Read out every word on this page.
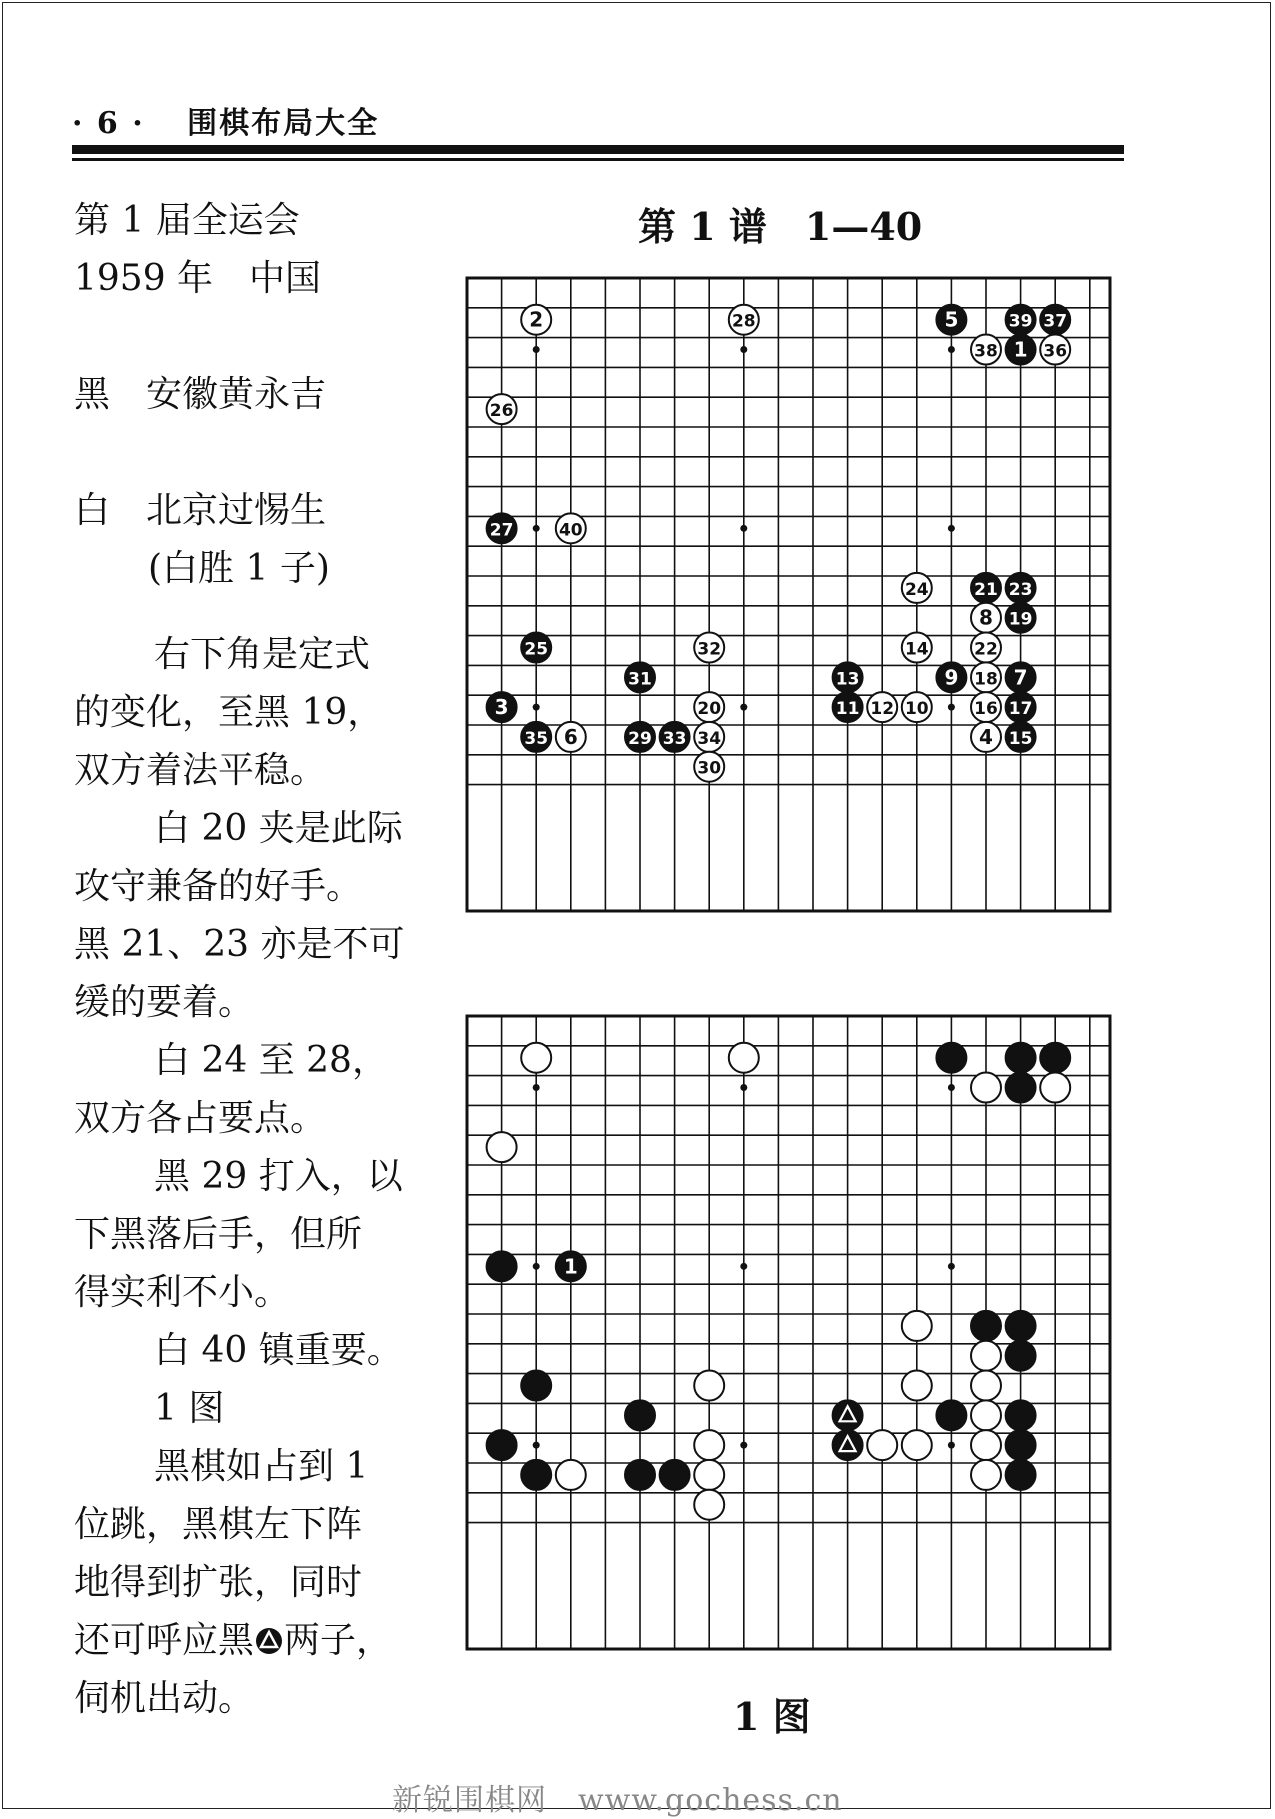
· 6 · 围棋布局大全
第 1 届全运会
1959 年　中国
黑　安徽黄永吉
白　北京过惕生
(白胜 1 子)
右下角是定式
的变化，至黑 19，
双方着法平稳。
白 20 夹是此际
攻守兼备的好手。
黑 21、23 亦是不可
缓的要着。
白 24 至 28，
双方各占要点。
黑 29 打入，以
下黑落后手，但所
得实利不小。
白 40 镇重要。
1 图
黑棋如占到 1
位跳，黑棋左下阵
地得到扩张，同时
还可呼应黑 两子，
伺机出动。
第 1 谱　1—40
1 图
2	28	5	39 37
38 1 36
26
27	40
24	21 23
8 19
25	32	14	22
31	13	9 18 7
3	20	11 12 10	16 17
35 6	29 33 34	4 15
30
1
新锐围棋网　www.gochess.cn
